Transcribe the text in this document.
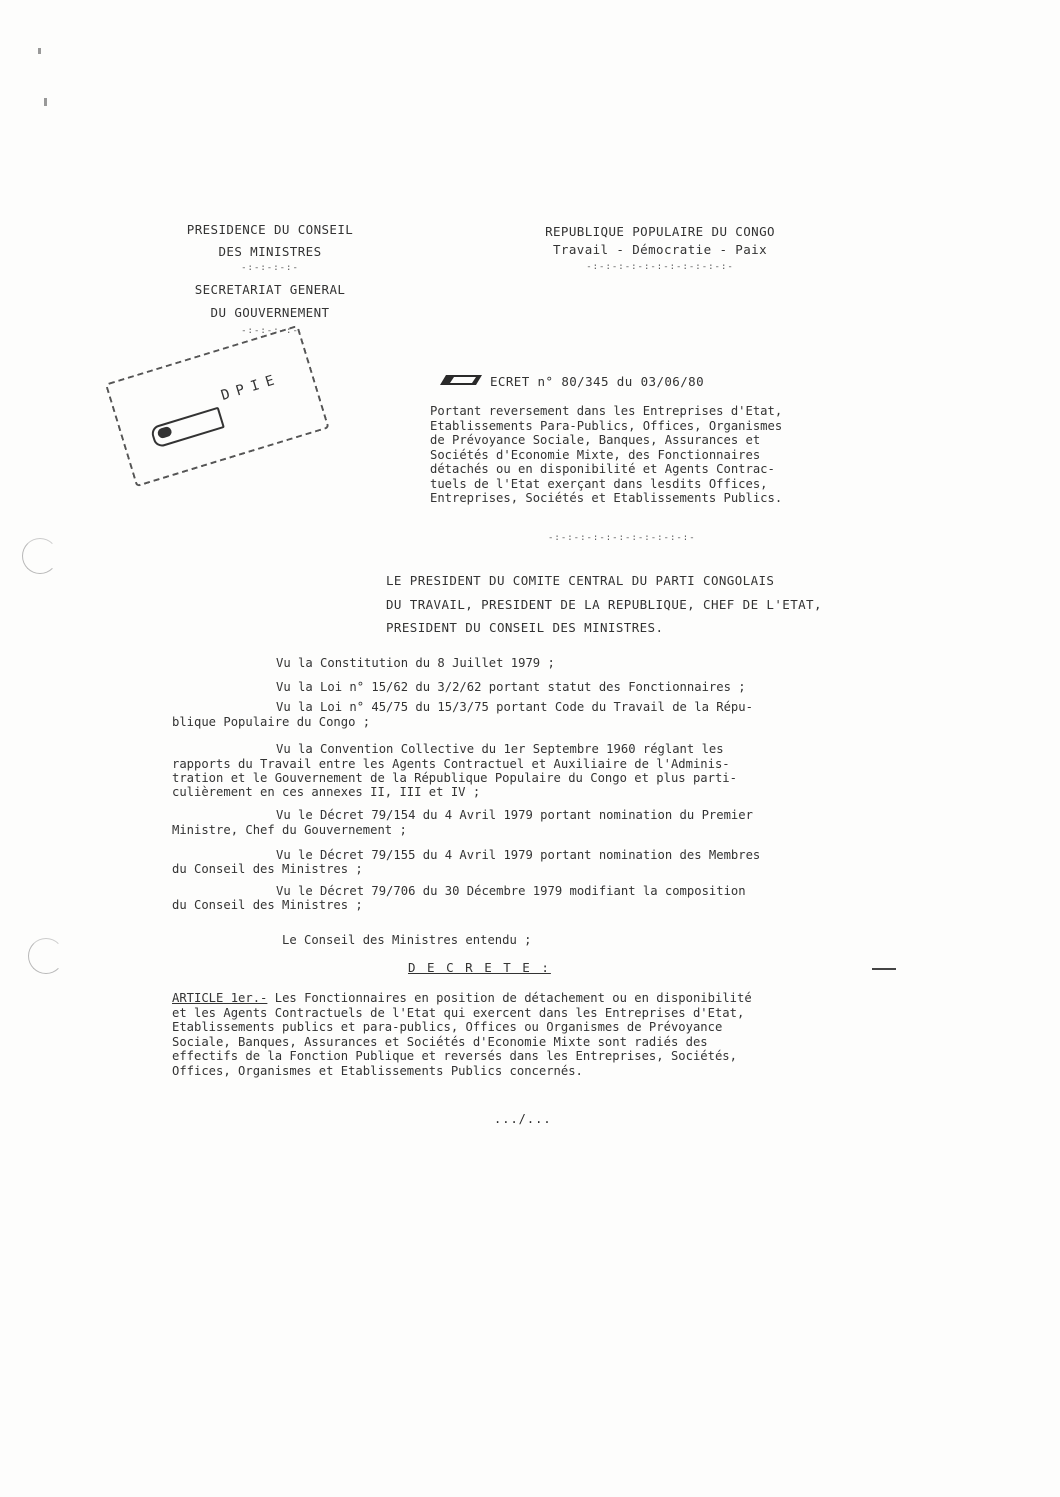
PRESIDENCE DU CONSEIL
DES MINISTRES
-:-:-:-:-
SECRETARIAT GENERAL
DU GOUVERNEMENT
-:-:-:-:-
REPUBLIQUE POPULAIRE DU CONGO
Travail - Démocratie - Paix
-:-:-:-:-:-:-:-:-:-:-:-
DPIE	ECRET n° 80/345 du 03/06/80
Portant reversement dans les Entreprises d'Etat,
Etablissements Para-Publics, Offices, Organismes
de Prévoyance Sociale, Banques, Assurances et
Sociétés d'Economie Mixte, des Fonctionnaires
détachés ou en disponibilité et Agents Contrac-
tuels de l'Etat exerçant dans lesdits Offices,
Entreprises, Sociétés et Etablissements Publics.
-:-:-:-:-:-:-:-:-:-:-:-
LE PRESIDENT DU COMITE CENTRAL DU PARTI CONGOLAIS
DU TRAVAIL, PRESIDENT DE LA REPUBLIQUE, CHEF DE L'ETAT,
PRESIDENT DU CONSEIL DES MINISTRES.
Vu la Constitution du 8 Juillet 1979 ;
Vu la Loi n° 15/62 du 3/2/62 portant statut des Fonctionnaires ;
Vu la Loi n° 45/75 du 15/3/75 portant Code du Travail de la Répu-
blique Populaire du Congo ;
Vu la Convention Collective du 1er Septembre 1960 réglant les
rapports du Travail entre les Agents Contractuel et Auxiliaire de l'Adminis-
tration et le Gouvernement de la République Populaire du Congo et plus parti-
culièrement en ces annexes II, III et IV ;
Vu le Décret 79/154 du 4 Avril 1979 portant nomination du Premier
Ministre, Chef du Gouvernement ;
Vu le Décret 79/155 du 4 Avril 1979 portant nomination des Membres
du Conseil des Ministres ;
Vu le Décret 79/706 du 30 Décembre 1979 modifiant la composition
du Conseil des Ministres ;
Le Conseil des Ministres entendu ;
D E C R E T E :
ARTICLE 1er.- Les Fonctionnaires en position de détachement ou en disponibilité
et les Agents Contractuels de l'Etat qui exercent dans les Entreprises d'Etat,
Etablissements publics et para-publics, Offices ou Organismes de Prévoyance
Sociale, Banques, Assurances et Sociétés d'Economie Mixte sont radiés des
effectifs de la Fonction Publique et reversés dans les Entreprises, Sociétés,
Offices, Organismes et Etablissements Publics concernés.
.../...
